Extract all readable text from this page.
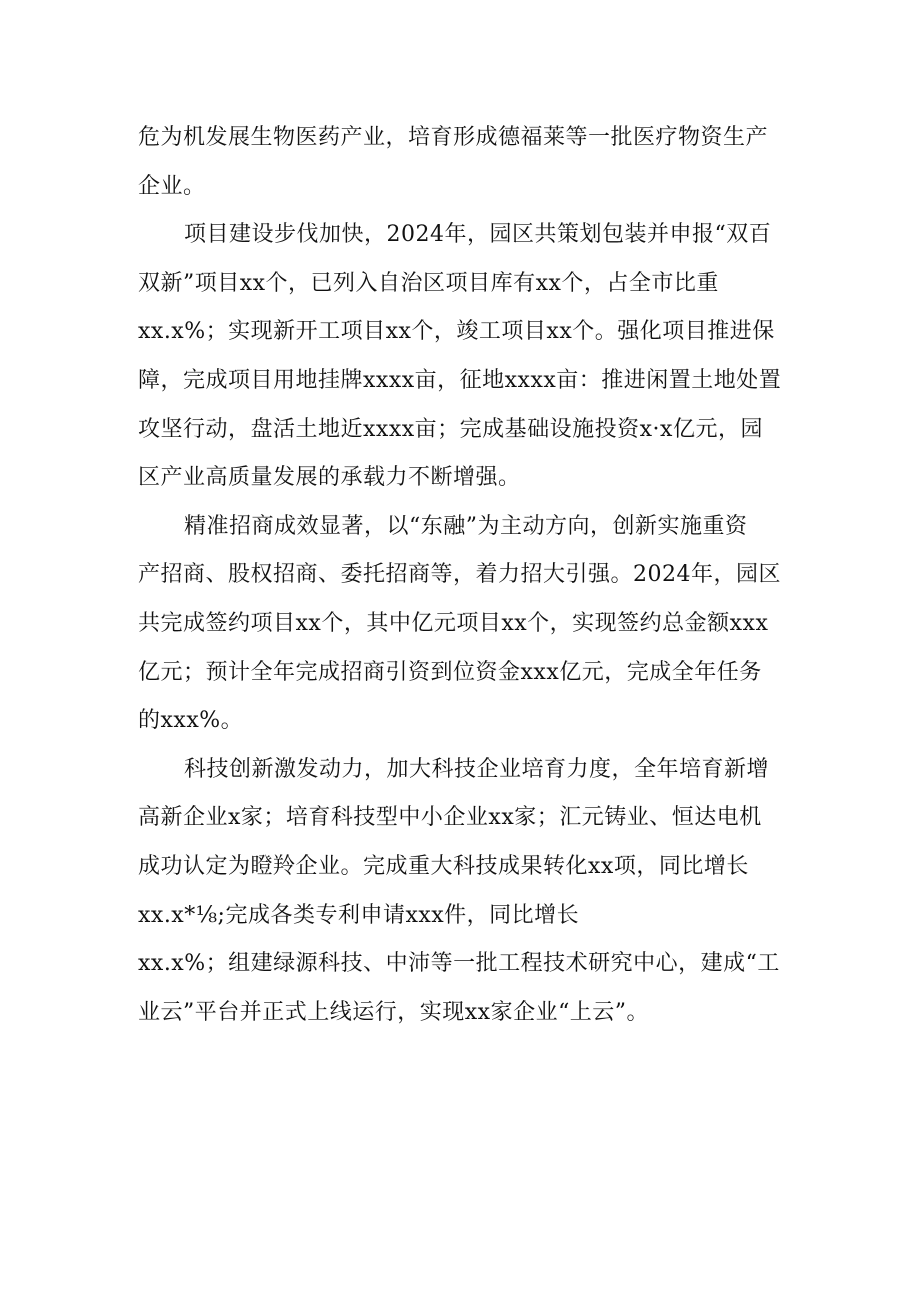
危为机发展生物医药产业，培育形成德福莱等一批医疗物资生产
企业。

项目建设步伐加快，2024年，园区共策划包装并申报“双百
双新”项目xx个，已列入自治区项目库有xx个，占全市比重
xx.x%；实现新开工项目xx个，竣工项目xx个。强化项目推进保
障，完成项目用地挂牌xxxx亩，征地xxxx亩：推进闲置土地处置
攻坚行动，盘活土地近xxxx亩；完成基础设施投资x·x亿元，园
区产业高质量发展的承载力不断增强。

精准招商成效显著，以“东融”为主动方向，创新实施重资
产招商、股权招商、委托招商等，着力招大引强。2024年，园区
共完成签约项目xx个，其中亿元项目xx个，实现签约总金额xxx
亿元；预计全年完成招商引资到位资金xxx亿元，完成全年任务
的xxx%。

科技创新激发动力，加大科技企业培育力度，全年培育新增
高新企业x家；培育科技型中小企业xx家；汇元铸业、恒达电机
成功认定为瞪羚企业。完成重大科技成果转化xx项，同比增长
xx.x*⅛;完成各类专利申请xxx件，同比增长
xx.x%；组建绿源科技、中沛等一批工程技术研究中心，建成“工
业云”平台并正式上线运行，实现xx家企业“上云”。
